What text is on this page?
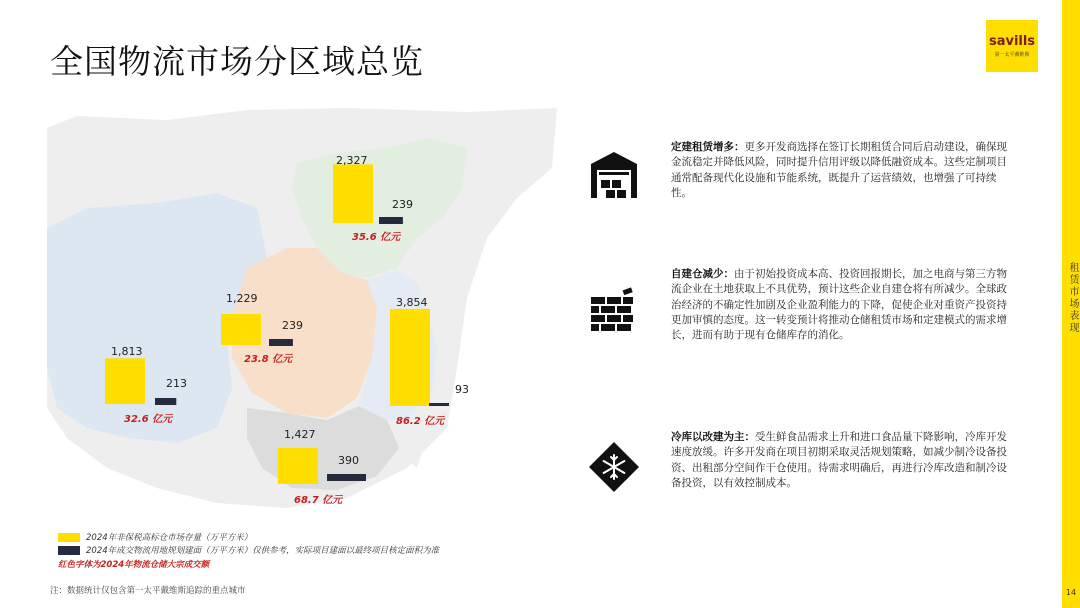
全国物流市场分区域总览
savills
第一太平戴维斯
租赁市场表现
14
2,327
239
35.6 亿元
1,229
239
23.8 亿元
3,854
93
86.2 亿元
1,813
213
32.6 亿元
1,427
390
68.7 亿元
2024年非保税高标仓市场存量（万平方米）
2024年成交物流用地规划建面（万平方米）仅供参考，实际项目建面以最终项目核定面积为准
红色字体为2024年物流仓储大宗成交额
注：数据统计仅包含第一太平戴维斯追踪的重点城市
定建租赁增多：更多开发商选择在签订长期租赁合同后启动建设，确保现金流稳定并降低风险，同时提升信用评级以降低融资成本。这些定制项目通常配备现代化设施和节能系统，既提升了运营绩效，也增强了可持续性。
自建仓减少：由于初始投资成本高、投资回报期长，加之电商与第三方物流企业在土地获取上不具优势，预计这些企业自建仓将有所减少。全球政治经济的不确定性加剧及企业盈利能力的下降，促使企业对重资产投资持更加审慎的态度。这一转变预计将推动仓储租赁市场和定建模式的需求增长，进而有助于现有仓储库存的消化。
冷库以改建为主：受生鲜食品需求上升和进口食品量下降影响，冷库开发速度放缓。许多开发商在项目初期采取灵活规划策略，如减少制冷设备投资、出租部分空间作干仓使用。待需求明确后，再进行冷库改造和制冷设备投资，以有效控制成本。
